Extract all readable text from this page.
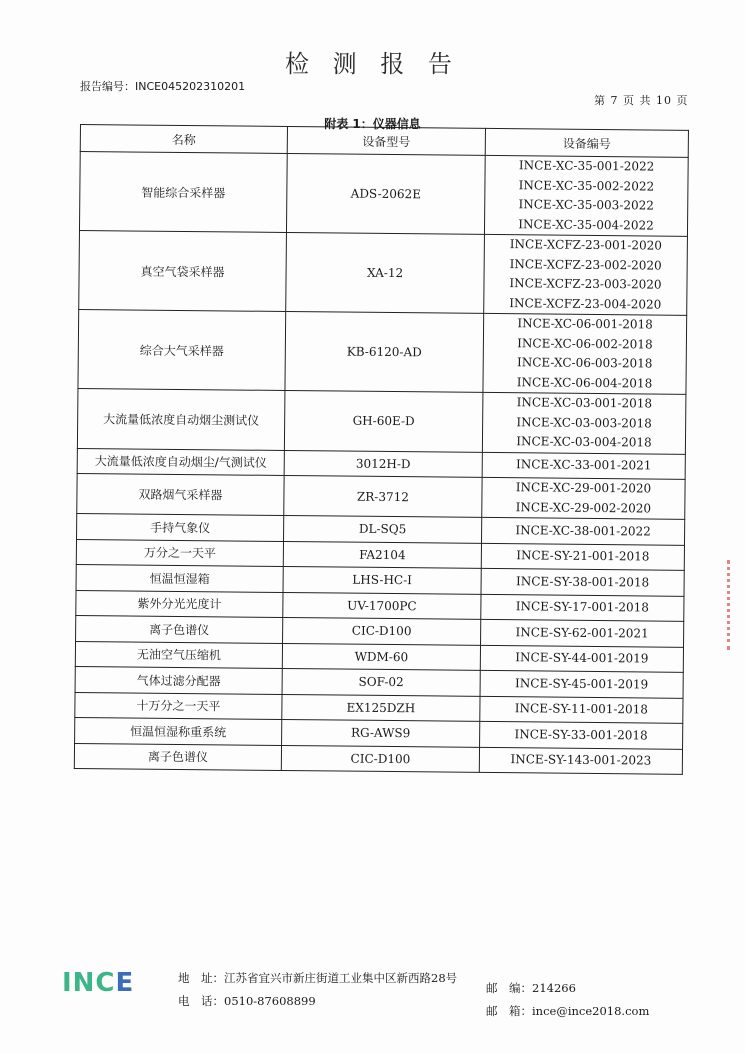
检 测 报 告
报告编号：INCE045202310201
第 7 页 共 10 页
附表 1：仪器信息
名称	设备型号	设备编号
智能综合采样器	ADS-2062E	INCE-XC-35-001-2022
INCE-XC-35-002-2022
INCE-XC-35-003-2022
INCE-XC-35-004-2022

真空气袋采样器	XA-12	INCE-XCFZ-23-001-2020
INCE-XCFZ-23-002-2020
INCE-XCFZ-23-003-2020
INCE-XCFZ-23-004-2020

综合大气采样器	KB-6120-AD	INCE-XC-06-001-2018
INCE-XC-06-002-2018
INCE-XC-06-003-2018
INCE-XC-06-004-2018

大流量低浓度自动烟尘测试仪	GH-60E-D	INCE-XC-03-001-2018
INCE-XC-03-003-2018
INCE-XC-03-004-2018

大流量低浓度自动烟尘/气测试仪	3012H-D	INCE-XC-33-001-2021

双路烟气采样器	ZR-3712	INCE-XC-29-001-2020
INCE-XC-29-002-2020

手持气象仪	DL-SQ5	INCE-XC-38-001-2022

万分之一天平	FA2104	INCE-SY-21-001-2018

恒温恒湿箱	LHS-HC-I	INCE-SY-38-001-2018

紫外分光光度计	UV-1700PC	INCE-SY-17-001-2018

离子色谱仪	CIC-D100	INCE-SY-62-001-2021

无油空气压缩机	WDM-60	INCE-SY-44-001-2019

气体过滤分配器	SOF-02	INCE-SY-45-001-2019

十万分之一天平	EX125DZH	INCE-SY-11-001-2018

恒温恒湿称重系统	RG-AWS9	INCE-SY-33-001-2018

离子色谱仪	CIC-D100	INCE-SY-143-001-2023
INCE	地　址：江苏省宜兴市新庄街道工业集中区新西路28号
电　话：0510-87608899
邮　编：214266
邮　箱：ince@ince2018.com
